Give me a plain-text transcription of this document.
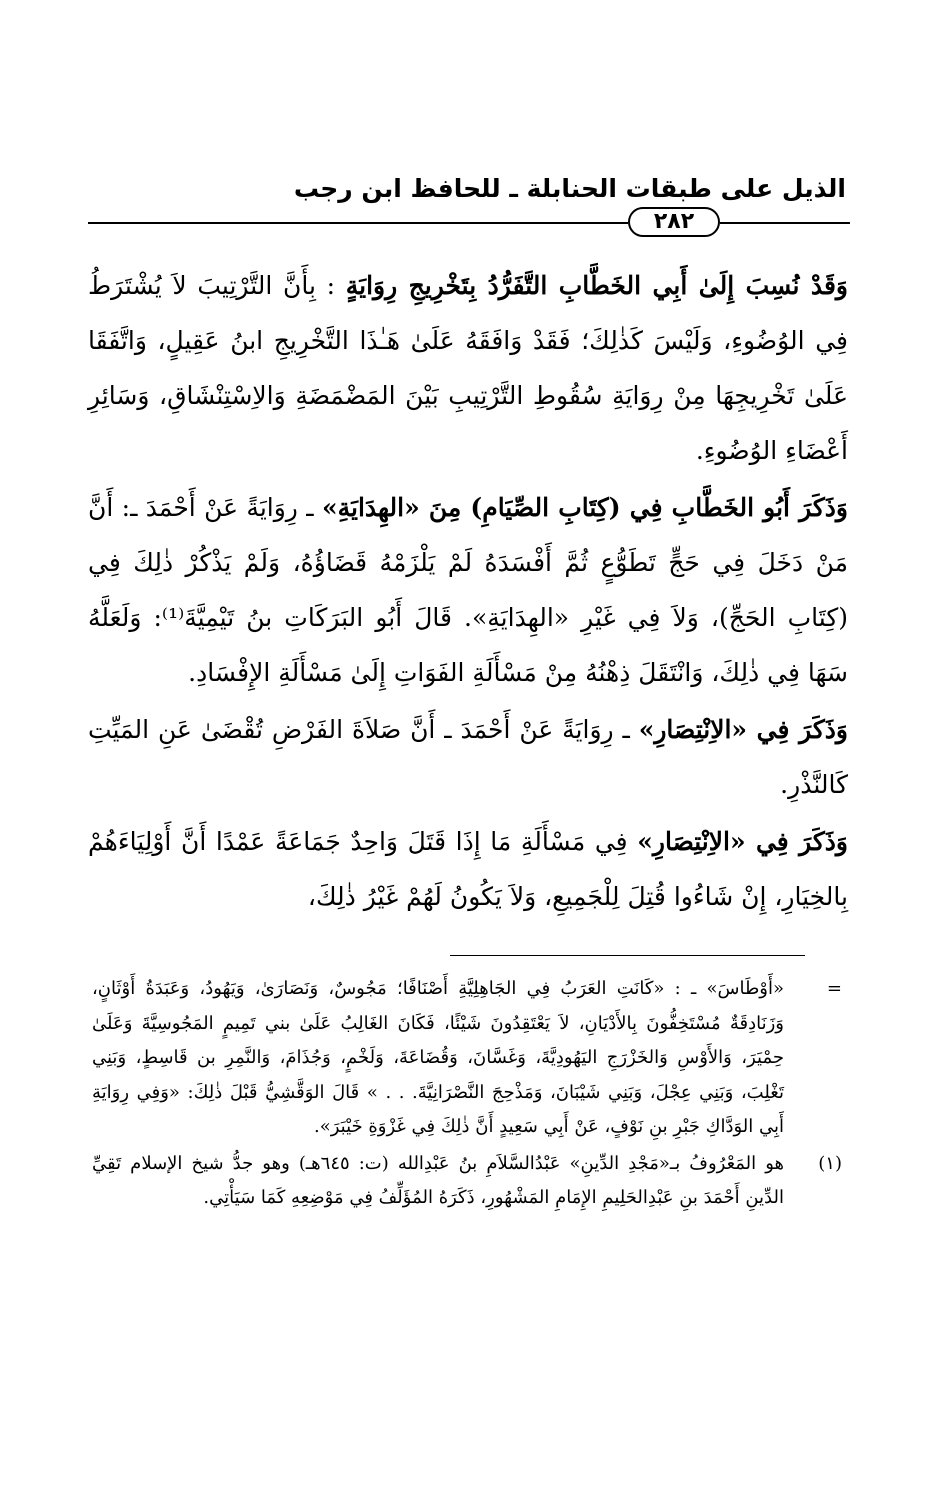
الذيل على طبقات الحنابلة ـ للحافظ ابن رجب
٢٨٢

وَقَدْ نُسِبَ إِلَىٰ أَبِي الخَطَّابِ التَّفَرُّدُ بِتَخْرِيجِ رِوَايَةٍ : بِأَنَّ التَّرْتِيبَ لاَ يُشْتَرَطُ فِي الوُضُوءِ، وَلَيْسَ كَذٰلِكَ؛ فَقَدْ وَافَقَهُ عَلَىٰ هَـٰذَا التَّخْرِيجِ ابنُ عَقِيلٍ، وَاتَّفَقَا عَلَىٰ تَخْرِيجِهَا مِنْ رِوَايَةِ سُقُوطِ التَّرْتِيبِ بَيْنَ المَضْمَضَةِ وَالاِسْتِنْشَاقِ، وَسَائِرِ أَعْضَاءِ الوُضُوءِ.

وَذَكَرَ أَبُو الخَطَّابِ فِي (كِتَابِ الصِّيَامِ) مِنَ «الهِدَايَةِ» ـ رِوَايَةً عَنْ أَحْمَدَ ـ: أَنَّ مَنْ دَخَلَ فِي حَجٍّ تَطَوُّعٍ ثُمَّ أَفْسَدَهُ لَمْ يَلْزَمْهُ قَضَاؤُهُ، وَلَمْ يَذْكُرْ ذٰلِكَ فِي (كِتَابِ الحَجِّ)، وَلاَ فِي غَيْرِ «الهِدَايَةِ». قَالَ أَبُو البَرَكَاتِ بنُ تَيْمِيَّةَ⁽¹⁾: وَلَعَلَّهُ سَهَا فِي ذٰلِكَ، وَانْتَقَلَ ذِهْنُهُ مِنْ مَسْأَلَةِ الفَوَاتِ إِلَىٰ مَسْأَلَةِ الإِفْسَادِ.

وَذَكَرَ فِي «الاِنْتِصَارِ» ـ رِوَايَةً عَنْ أَحْمَدَ ـ أَنَّ صَلاَةَ الفَرْضِ تُقْضَىٰ عَنِ المَيِّتِ كَالنَّذْرِ.

وَذَكَرَ فِي «الاِنْتِصَارِ» فِي مَسْأَلَةِ مَا إِذَا قَتَلَ وَاحِدٌ جَمَاعَةً عَمْدًا أَنَّ أَوْلِيَاءَهُمْ بِالخِيَارِ، إِنْ شَاءُوا قُتِلَ لِلْجَمِيعِ، وَلاَ يَكُونُ لَهُمْ غَيْرُ ذٰلِكَ،

=
«أَوْطَاسَ» ـ : «كَانَتِ العَرَبُ فِي الجَاهِلِيَّةِ أَصْنَافًا؛ مَجُوسٌ، وَنَصَارَىٰ، وَيَهُودُ، وَعَبَدَةُ أَوْثَانٍ، وَزَنَادِقَةٌ مُسْتَخِفُّونَ بِالأَدْيَانِ، لاَ يَعْتَقِدُونَ شَيْئًا، فَكَانَ الغَالِبُ عَلَىٰ بني تَمِيمٍ المَجُوسِيَّةَ وَعَلَىٰ حِمْيَرَ، وَالأَوْسِ وَالخَزْرَجِ اليَهُودِيَّةَ، وَغَسَّانَ، وَقُضَاعَةَ، وَلَخْمٍ، وَجُذَامَ، وَالنَّمِرِ بن قَاسِطٍ، وَبَنِي تَغْلِبَ، وَبَنِي عِجْلَ، وَبَنِي شَيْبَانَ، وَمَذْحِجَ النَّصْرَانِيَّةَ. . . » قَالَ الوَقَّشِيُّ قَبْلَ ذٰلِكَ: «وَفِي رِوَايَةِ أَبِي الوَدَّاكِ جَبْرِ بنِ نَوْفٍ، عَنْ أَبِي سَعِيدٍ أَنَّ ذٰلِكَ فِي غَزْوَةِ خَيْبَرَ».
(١)
هو المَعْرُوفُ بـ«مَجْدِ الدِّينِ» عَبْدُالسَّلاَمِ بنُ عَبْدِالله (ت: ٦٤٥هـ) وهو جدُّ شيخ الإسلام تَقِيِّ الدِّينِ أَحْمَدَ بنِ عَبْدِالحَلِيمِ الإِمَامِ المَشْهُورِ، ذَكَرَهُ المُؤَلِّفُ فِي مَوْضِعِهِ كَمَا سَيَأْتِي.
